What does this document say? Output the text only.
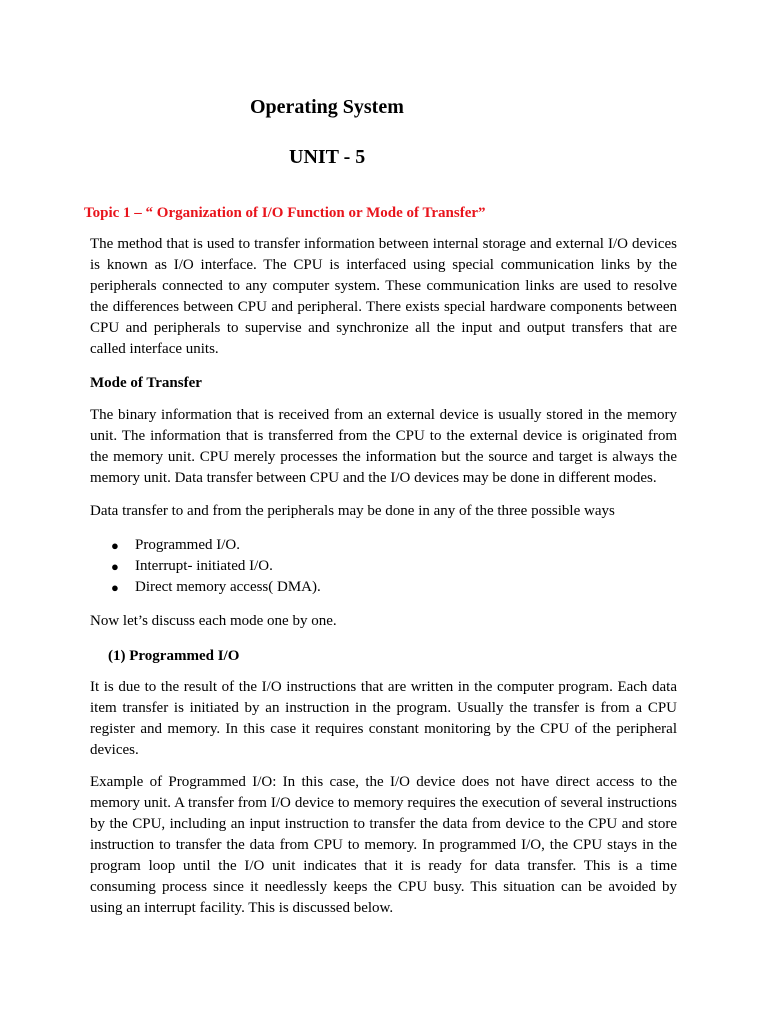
Operating System
UNIT - 5
Topic 1 – “ Organization of I/O Function or Mode of Transfer”

The method that is used to transfer information between internal storage and external I/O devices is known as I/O interface. The CPU is interfaced using special communication links by the peripherals connected to any computer system. These communication links are used to resolve the differences between CPU and peripheral. There exists special hardware components between CPU and peripherals to supervise and synchronize all the input and output transfers that are called interface units.

Mode of Transfer

The binary information that is received from an external device is usually stored in the memory unit. The information that is transferred from the CPU to the external device is originated from the memory unit. CPU merely processes the information but the source and target is always the memory unit. Data transfer between CPU and the I/O devices may be done in different modes.

Data transfer to and from the peripherals may be done in any of the three possible ways

● Programmed I/O.
● Interrupt- initiated I/O.
● Direct memory access( DMA).

Now let’s discuss each mode one by one.

(1) Programmed I/O

It is due to the result of the I/O instructions that are written in the computer program. Each data item transfer is initiated by an instruction in the program. Usually the transfer is from a CPU register and memory. In this case it requires constant monitoring by the CPU of the peripheral devices.

Example of Programmed I/O: In this case, the I/O device does not have direct access to the memory unit. A transfer from I/O device to memory requires the execution of several instructions by the CPU, including an input instruction to transfer the data from device to the CPU and store instruction to transfer the data from CPU to memory. In programmed I/O, the CPU stays in the program loop until the I/O unit indicates that it is ready for data transfer. This is a time consuming process since it needlessly keeps the CPU busy. This situation can be avoided by using an interrupt facility. This is discussed below.
